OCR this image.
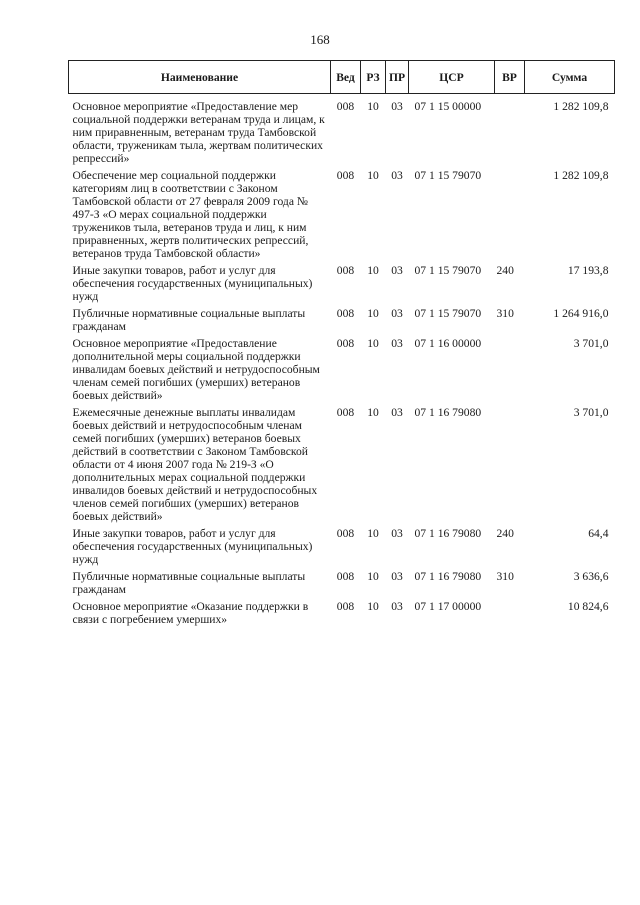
168
Наименование	Вед	РЗ	ПР	ЦСР	ВР	Сумма
Основное мероприятие «Предоставление мер социальной поддержки ветеранам труда и лицам, к ним приравненным, ветеранам труда Тамбовской области, труженикам тыла, жертвам политических репрессий»	008	10	03	07 1 15 00000		1 282 109,8
Обеспечение мер социальной поддержки категориям лиц в соответствии с Законом Тамбовской области от 27 февраля 2009 года № 497-З «О мерах социальной поддержки тружеников тыла, ветеранов труда и лиц, к ним приравненных, жертв политических репрессий, ветеранов труда Тамбовской области»	008	10	03	07 1 15 79070		1 282 109,8
Иные закупки товаров, работ и услуг для обеспечения государственных (муниципальных) нужд	008	10	03	07 1 15 79070	240	17 193,8
Публичные нормативные социальные выплаты гражданам	008	10	03	07 1 15 79070	310	1 264 916,0
Основное мероприятие «Предоставление дополнительной меры социальной поддержки инвалидам боевых действий и нетрудоспособным членам семей погибших (умерших) ветеранов боевых действий»	008	10	03	07 1 16 00000		3 701,0
Ежемесячные денежные выплаты инвалидам боевых действий и нетрудоспособным членам семей погибших (умерших) ветеранов боевых действий в соответствии с Законом Тамбовской области от 4 июня 2007 года № 219-З «О дополнительных мерах социальной поддержки инвалидов боевых действий и нетрудоспособных членов семей погибших (умерших) ветеранов боевых действий»	008	10	03	07 1 16 79080		3 701,0
Иные закупки товаров, работ и услуг для обеспечения государственных (муниципальных) нужд	008	10	03	07 1 16 79080	240	64,4
Публичные нормативные социальные выплаты гражданам	008	10	03	07 1 16 79080	310	3 636,6
Основное мероприятие «Оказание поддержки в связи с погребением умерших»	008	10	03	07 1 17 00000		10 824,6
